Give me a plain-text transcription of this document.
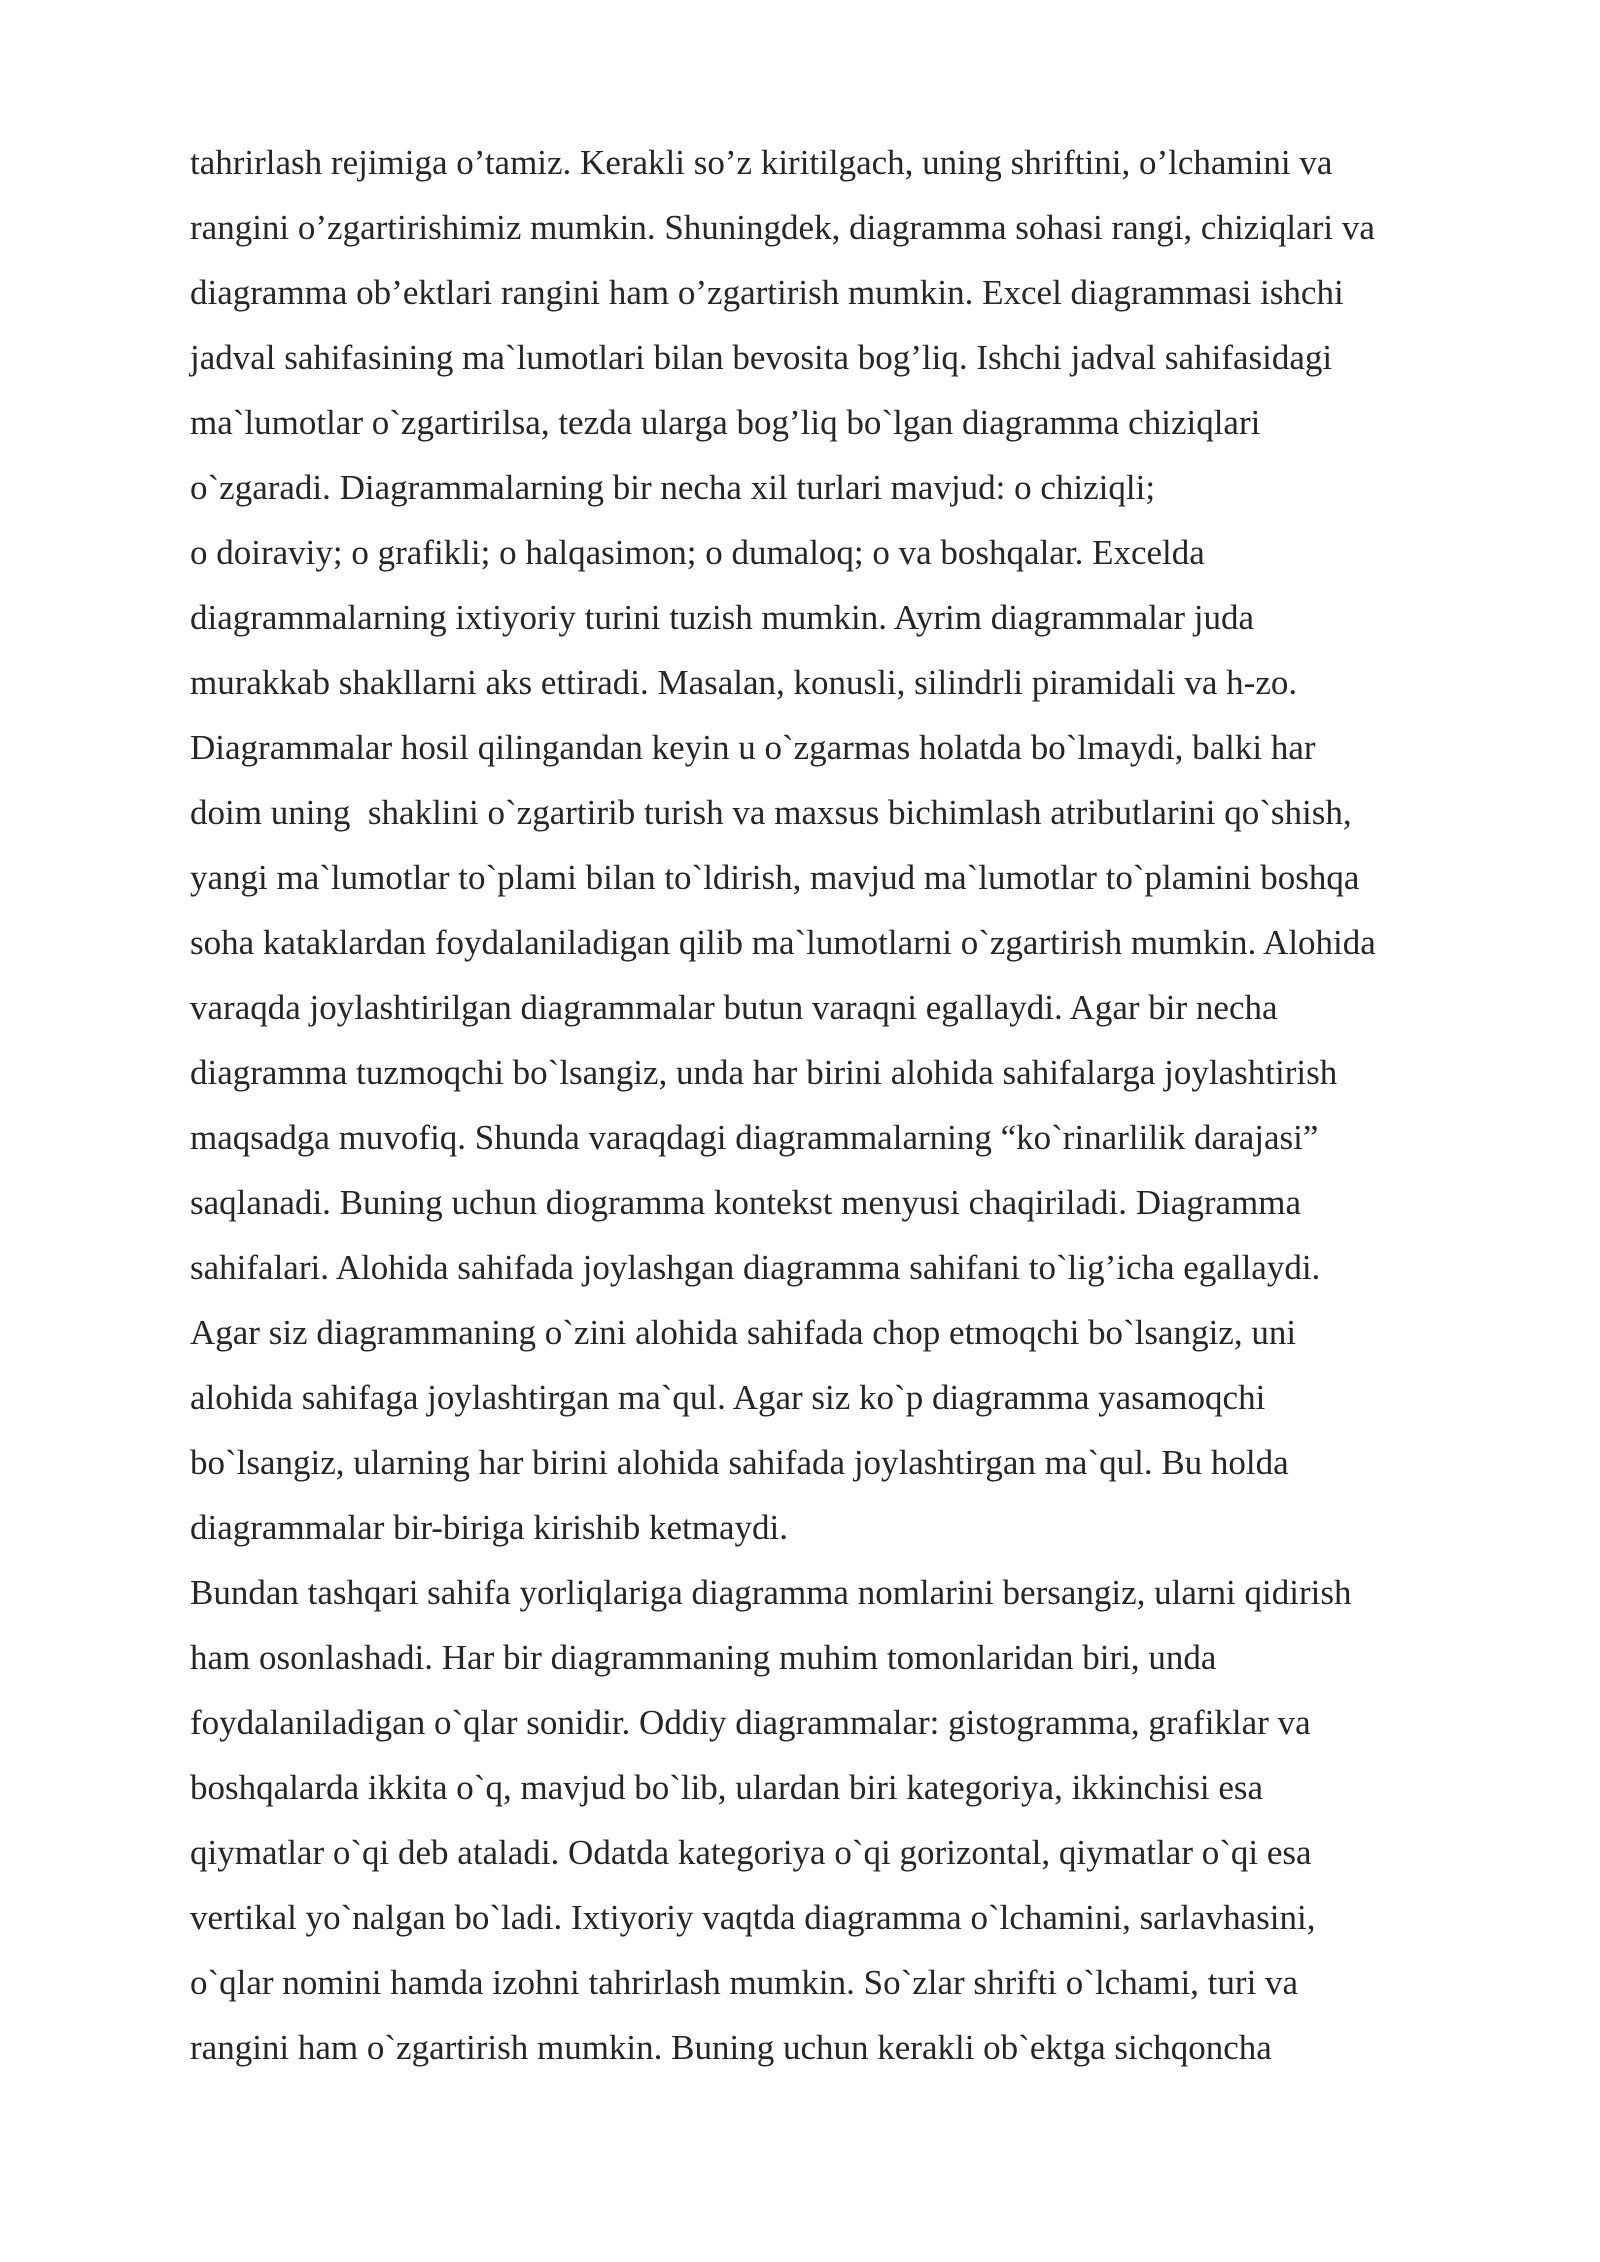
tahrirlash rejimiga o’tamiz. Kerakli so’z kiritilgach, uning shriftini, o’lchamini va
rangini o’zgartirishimiz mumkin. Shuningdek, diagramma sohasi rangi, chiziqlari va
diagramma ob’ektlari rangini ham o’zgartirish mumkin. Excel diagrammasi ishchi
jadval sahifasining ma`lumotlari bilan bevosita bog’liq. Ishchi jadval sahifasidagi
ma`lumotlar o`zgartirilsa, tezda ularga bog’liq bo`lgan diagramma chiziqlari
o`zgaradi. Diagrammalarning bir necha xil turlari mavjud: o chiziqli;
o doiraviy; o grafikli; o halqasimon; o dumaloq; o va boshqalar. Excelda
diagrammalarning ixtiyoriy turini tuzish mumkin. Ayrim diagrammalar juda
murakkab shakllarni aks ettiradi. Masalan, konusli, silindrli piramidali va h-zo.
Diagrammalar hosil qilingandan keyin u o`zgarmas holatda bo`lmaydi, balki har
doim uning  shaklini o`zgartirib turish va maxsus bichimlash atributlarini qo`shish,
yangi ma`lumotlar to`plami bilan to`ldirish, mavjud ma`lumotlar to`plamini boshqa
soha kataklardan foydalaniladigan qilib ma`lumotlarni o`zgartirish mumkin. Alohida
varaqda joylashtirilgan diagrammalar butun varaqni egallaydi. Agar bir necha
diagramma tuzmoqchi bo`lsangiz, unda har birini alohida sahifalarga joylashtirish
maqsadga muvofiq. Shunda varaqdagi diagrammalarning “ko`rinarlilik darajasi”
saqlanadi. Buning uchun diogramma kontekst menyusi chaqiriladi. Diagramma
sahifalari. Alohida sahifada joylashgan diagramma sahifani to`lig’icha egallaydi.
Agar siz diagrammaning o`zini alohida sahifada chop etmoqchi bo`lsangiz, uni
alohida sahifaga joylashtirgan ma`qul. Agar siz ko`p diagramma yasamoqchi
bo`lsangiz, ularning har birini alohida sahifada joylashtirgan ma`qul. Bu holda
diagrammalar bir-biriga kirishib ketmaydi.
Bundan tashqari sahifa yorliqlariga diagramma nomlarini bersangiz, ularni qidirish
ham osonlashadi. Har bir diagrammaning muhim tomonlaridan biri, unda
foydalaniladigan o`qlar sonidir. Oddiy diagrammalar: gistogramma, grafiklar va
boshqalarda ikkita o`q, mavjud bo`lib, ulardan biri kategoriya, ikkinchisi esa
qiymatlar o`qi deb ataladi. Odatda kategoriya o`qi gorizontal, qiymatlar o`qi esa
vertikal yo`nalgan bo`ladi. Ixtiyoriy vaqtda diagramma o`lchamini, sarlavhasini,
o`qlar nomini hamda izohni tahrirlash mumkin. So`zlar shrifti o`lchami, turi va
rangini ham o`zgartirish mumkin. Buning uchun kerakli ob`ektga sichqoncha
